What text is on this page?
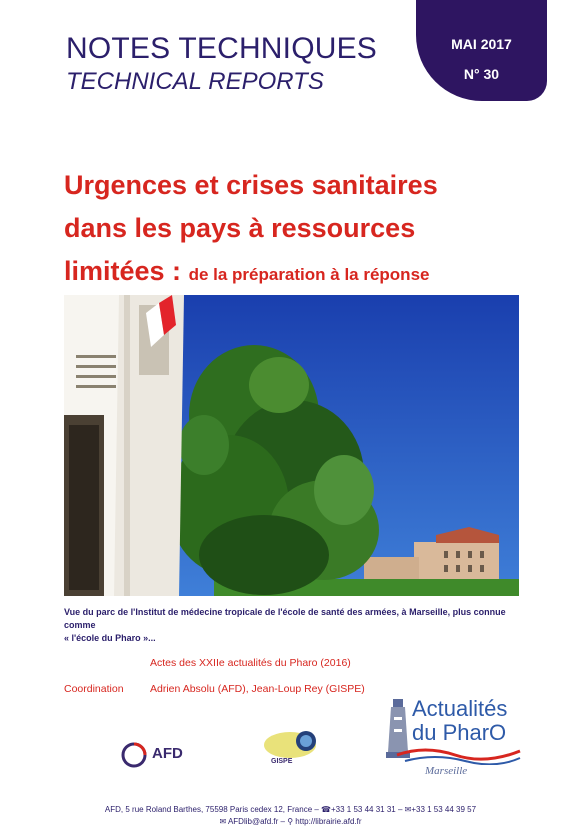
NOTES TECHNIQUES
TECHNICAL REPORTS
MAI 2017
N° 30
Urgences et crises sanitaires
dans les pays à ressources
limitées : de la préparation à la réponse
Vue du parc de l'Institut de médecine tropicale de l'école de santé des armées, à Marseille, plus connue comme
« l'école du Pharo »...
Actes des XXIIe actualités du Pharo (2016)
Coordination	Adrien Absolu (AFD), Jean-Loup Rey (GISPE)
AFD	GISPE
Actualités
du PharO
Marseille
AFD, 5 rue Roland Barthes, 75598 Paris cedex 12, France – ☎+33 1 53 44 31 31 – ✉+33 1 53 44 39 57
✉ AFDlib@afd.fr – ⚲ http://librairie.afd.fr
